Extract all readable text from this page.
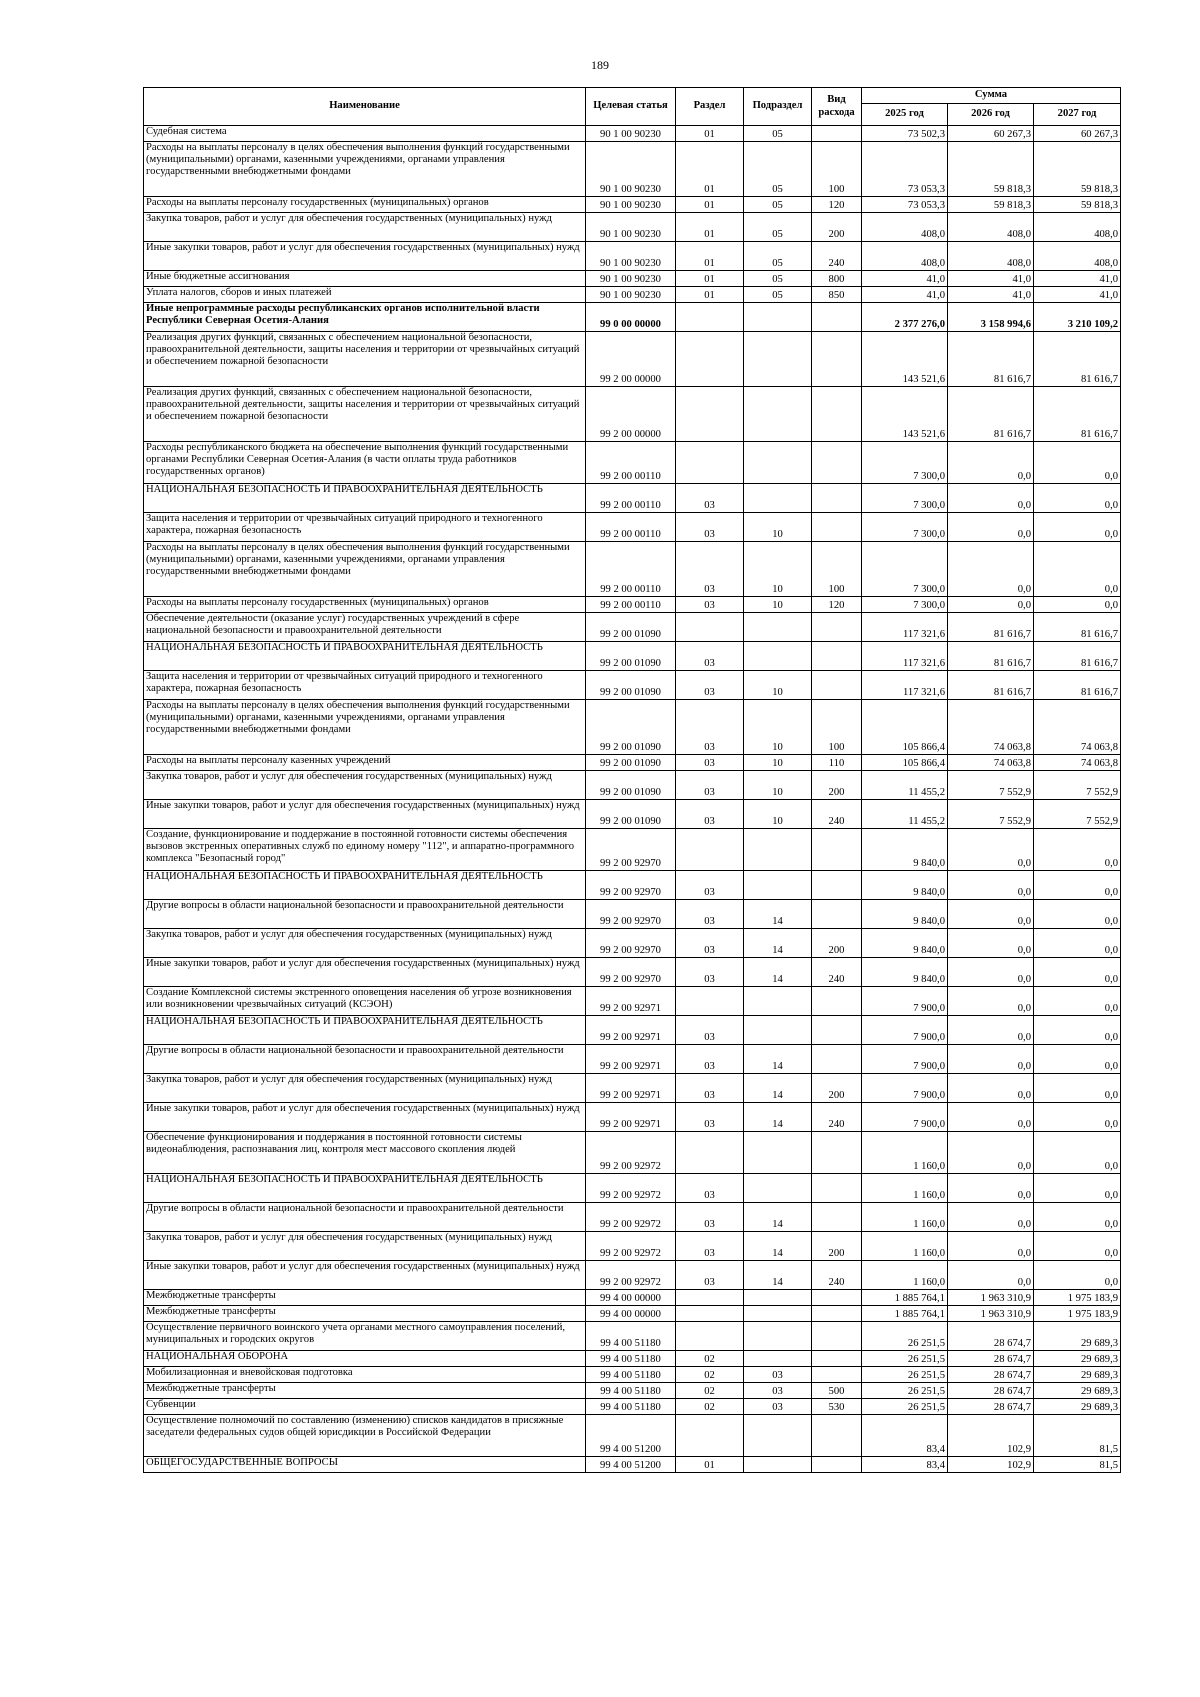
189
Наименование	Целевая статья	Раздел	Подраздел	Вид расхода	Сумма		
					2025 год	2026 год	2027 год
Судебная система	90 1 00 90230	01	05		73 502,3	60 267,3	60 267,3
Расходы на выплаты персоналу в целях обеспечения выполнения функций государственными (муниципальными) органами, казенными учреждениями, органами управления государственными внебюджетными фондами	90 1 00 90230	01	05	100	73 053,3	59 818,3	59 818,3
Расходы на выплаты персоналу государственных (муниципальных) органов	90 1 00 90230	01	05	120	73 053,3	59 818,3	59 818,3
Закупка товаров, работ и услуг для обеспечения государственных (муниципальных) нужд	90 1 00 90230	01	05	200	408,0	408,0	408,0
Иные закупки товаров, работ и услуг для обеспечения государственных (муниципальных) нужд	90 1 00 90230	01	05	240	408,0	408,0	408,0
Иные бюджетные ассигнования	90 1 00 90230	01	05	800	41,0	41,0	41,0
Уплата налогов, сборов и иных платежей	90 1 00 90230	01	05	850	41,0	41,0	41,0
Иные непрограммные расходы республиканских органов исполнительной власти Республики Северная Осетия-Алания	99 0 00 00000				2 377 276,0	3 158 994,6	3 210 109,2
Реализация других функций, связанных с обеспечением национальной безопасности, правоохранительной деятельности, защиты населения и территории от чрезвычайных ситуаций и обеспечением пожарной безопасности	99 2 00 00000				143 521,6	81 616,7	81 616,7
Реализация других функций, связанных с обеспечением национальной безопасности, правоохранительной деятельности, защиты населения и территории от чрезвычайных ситуаций и обеспечением пожарной безопасности	99 2 00 00000				143 521,6	81 616,7	81 616,7
Расходы республиканского бюджета на обеспечение выполнения функций государственными органами Республики Северная Осетия-Алания (в части оплаты труда работников государственных органов)	99 2 00 00110				7 300,0	0,0	0,0
НАЦИОНАЛЬНАЯ БЕЗОПАСНОСТЬ И ПРАВООХРАНИТЕЛЬНАЯ ДЕЯТЕЛЬНОСТЬ	99 2 00 00110	03			7 300,0	0,0	0,0
Защита населения и территории от чрезвычайных ситуаций природного и техногенного характера, пожарная безопасность	99 2 00 00110	03	10		7 300,0	0,0	0,0
Расходы на выплаты персоналу в целях обеспечения выполнения функций государственными (муниципальными) органами, казенными учреждениями, органами управления государственными внебюджетными фондами	99 2 00 00110	03	10	100	7 300,0	0,0	0,0
Расходы на выплаты персоналу государственных (муниципальных) органов	99 2 00 00110	03	10	120	7 300,0	0,0	0,0
Обеспечение деятельности (оказание услуг) государственных учреждений в сфере национальной безопасности и правоохранительной деятельности	99 2 00 01090				117 321,6	81 616,7	81 616,7
НАЦИОНАЛЬНАЯ БЕЗОПАСНОСТЬ И ПРАВООХРАНИТЕЛЬНАЯ ДЕЯТЕЛЬНОСТЬ	99 2 00 01090	03			117 321,6	81 616,7	81 616,7
Защита населения и территории от чрезвычайных ситуаций природного и техногенного характера, пожарная безопасность	99 2 00 01090	03	10		117 321,6	81 616,7	81 616,7
Расходы на выплаты персоналу в целях обеспечения выполнения функций государственными (муниципальными) органами, казенными учреждениями, органами управления государственными внебюджетными фондами	99 2 00 01090	03	10	100	105 866,4	74 063,8	74 063,8
Расходы на выплаты персоналу казенных учреждений	99 2 00 01090	03	10	110	105 866,4	74 063,8	74 063,8
Закупка товаров, работ и услуг для обеспечения государственных (муниципальных) нужд	99 2 00 01090	03	10	200	11 455,2	7 552,9	7 552,9
Иные закупки товаров, работ и услуг для обеспечения государственных (муниципальных) нужд	99 2 00 01090	03	10	240	11 455,2	7 552,9	7 552,9
Создание, функционирование и поддержание в постоянной готовности системы обеспечения вызовов экстренных оперативных служб по единому номеру "112", и аппаратно-программного комплекса "Безопасный город"	99 2 00 92970				9 840,0	0,0	0,0
НАЦИОНАЛЬНАЯ БЕЗОПАСНОСТЬ И ПРАВООХРАНИТЕЛЬНАЯ ДЕЯТЕЛЬНОСТЬ	99 2 00 92970	03			9 840,0	0,0	0,0
Другие вопросы в области национальной безопасности и правоохранительной деятельности	99 2 00 92970	03	14		9 840,0	0,0	0,0
Закупка товаров, работ и услуг для обеспечения государственных (муниципальных) нужд	99 2 00 92970	03	14	200	9 840,0	0,0	0,0
Иные закупки товаров, работ и услуг для обеспечения государственных (муниципальных) нужд	99 2 00 92970	03	14	240	9 840,0	0,0	0,0
Создание Комплексной системы экстренного оповещения населения об угрозе возникновения или возникновении чрезвычайных ситуаций (КСЭОН)	99 2 00 92971				7 900,0	0,0	0,0
НАЦИОНАЛЬНАЯ БЕЗОПАСНОСТЬ И ПРАВООХРАНИТЕЛЬНАЯ ДЕЯТЕЛЬНОСТЬ	99 2 00 92971	03			7 900,0	0,0	0,0
Другие вопросы в области национальной безопасности и правоохранительной деятельности	99 2 00 92971	03	14		7 900,0	0,0	0,0
Закупка товаров, работ и услуг для обеспечения государственных (муниципальных) нужд	99 2 00 92971	03	14	200	7 900,0	0,0	0,0
Иные закупки товаров, работ и услуг для обеспечения государственных (муниципальных) нужд	99 2 00 92971	03	14	240	7 900,0	0,0	0,0
Обеспечение функционирования и поддержания в постоянной готовности системы видеонаблюдения, распознавания лиц, контроля мест массового скопления людей	99 2 00 92972				1 160,0	0,0	0,0
НАЦИОНАЛЬНАЯ БЕЗОПАСНОСТЬ И ПРАВООХРАНИТЕЛЬНАЯ ДЕЯТЕЛЬНОСТЬ	99 2 00 92972	03			1 160,0	0,0	0,0
Другие вопросы в области национальной безопасности и правоохранительной деятельности	99 2 00 92972	03	14		1 160,0	0,0	0,0
Закупка товаров, работ и услуг для обеспечения государственных (муниципальных) нужд	99 2 00 92972	03	14	200	1 160,0	0,0	0,0
Иные закупки товаров, работ и услуг для обеспечения государственных (муниципальных) нужд	99 2 00 92972	03	14	240	1 160,0	0,0	0,0
Межбюджетные трансферты	99 4 00 00000				1 885 764,1	1 963 310,9	1 975 183,9
Межбюджетные трансферты	99 4 00 00000				1 885 764,1	1 963 310,9	1 975 183,9
Осуществление первичного воинского учета органами местного самоуправления поселений, муниципальных и городских округов	99 4 00 51180				26 251,5	28 674,7	29 689,3
НАЦИОНАЛЬНАЯ ОБОРОНА	99 4 00 51180	02			26 251,5	28 674,7	29 689,3
Мобилизационная и вневойсковая подготовка	99 4 00 51180	02	03		26 251,5	28 674,7	29 689,3
Межбюджетные трансферты	99 4 00 51180	02	03	500	26 251,5	28 674,7	29 689,3
Субвенции	99 4 00 51180	02	03	530	26 251,5	28 674,7	29 689,3
Осуществление полномочий по составлению (изменению) списков кандидатов в присяжные заседатели федеральных судов общей юрисдикции в Российской Федерации	99 4 00 51200				83,4	102,9	81,5
ОБЩЕГОСУДАРСТВЕННЫЕ ВОПРОСЫ	99 4 00 51200	01			83,4	102,9	81,5
